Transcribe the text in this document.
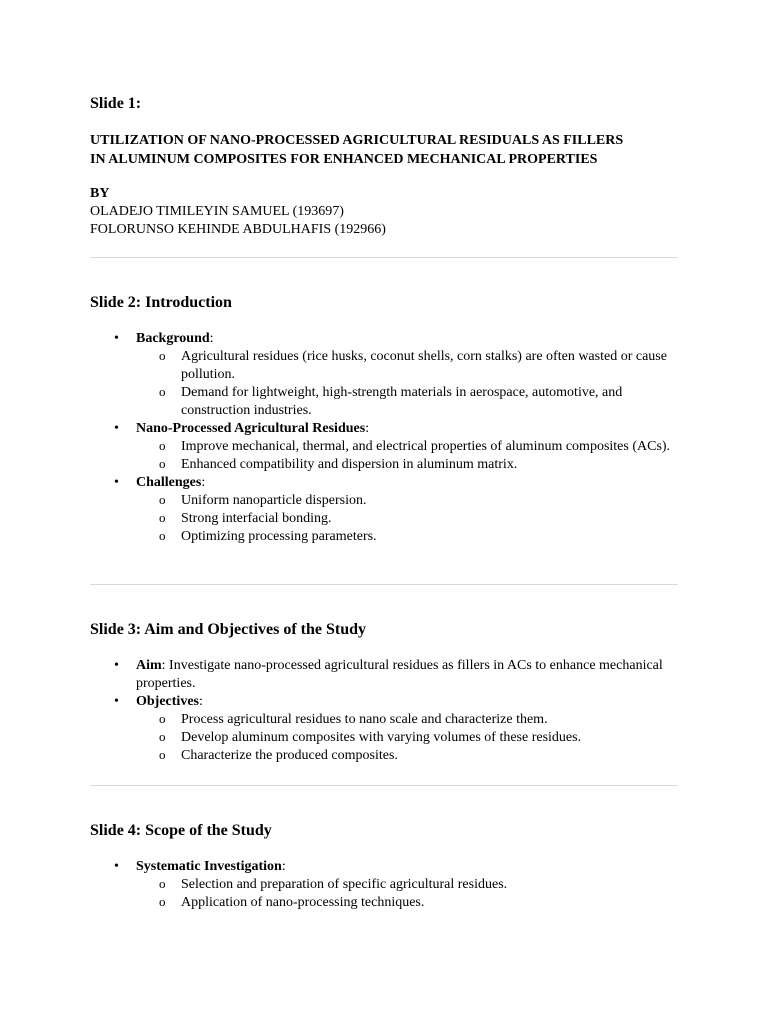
Slide 1:
UTILIZATION OF NANO-PROCESSED AGRICULTURAL RESIDUALS AS FILLERS
IN ALUMINUM COMPOSITES FOR ENHANCED MECHANICAL PROPERTIES
BY
OLADEJO TIMILEYIN SAMUEL (193697)
FOLORUNSO KEHINDE ABDULHAFIS (192966)
Slide 2: Introduction
• Background:
o Agricultural residues (rice husks, coconut shells, corn stalks) are often wasted or cause pollution.
o Demand for lightweight, high-strength materials in aerospace, automotive, and construction industries.
• Nano-Processed Agricultural Residues:
o Improve mechanical, thermal, and electrical properties of aluminum composites (ACs).
o Enhanced compatibility and dispersion in aluminum matrix.
• Challenges:
o Uniform nanoparticle dispersion.
o Strong interfacial bonding.
o Optimizing processing parameters.
Slide 3: Aim and Objectives of the Study
• Aim: Investigate nano-processed agricultural residues as fillers in ACs to enhance mechanical properties.
• Objectives:
o Process agricultural residues to nano scale and characterize them.
o Develop aluminum composites with varying volumes of these residues.
o Characterize the produced composites.
Slide 4: Scope of the Study
• Systematic Investigation:
o Selection and preparation of specific agricultural residues.
o Application of nano-processing techniques.
